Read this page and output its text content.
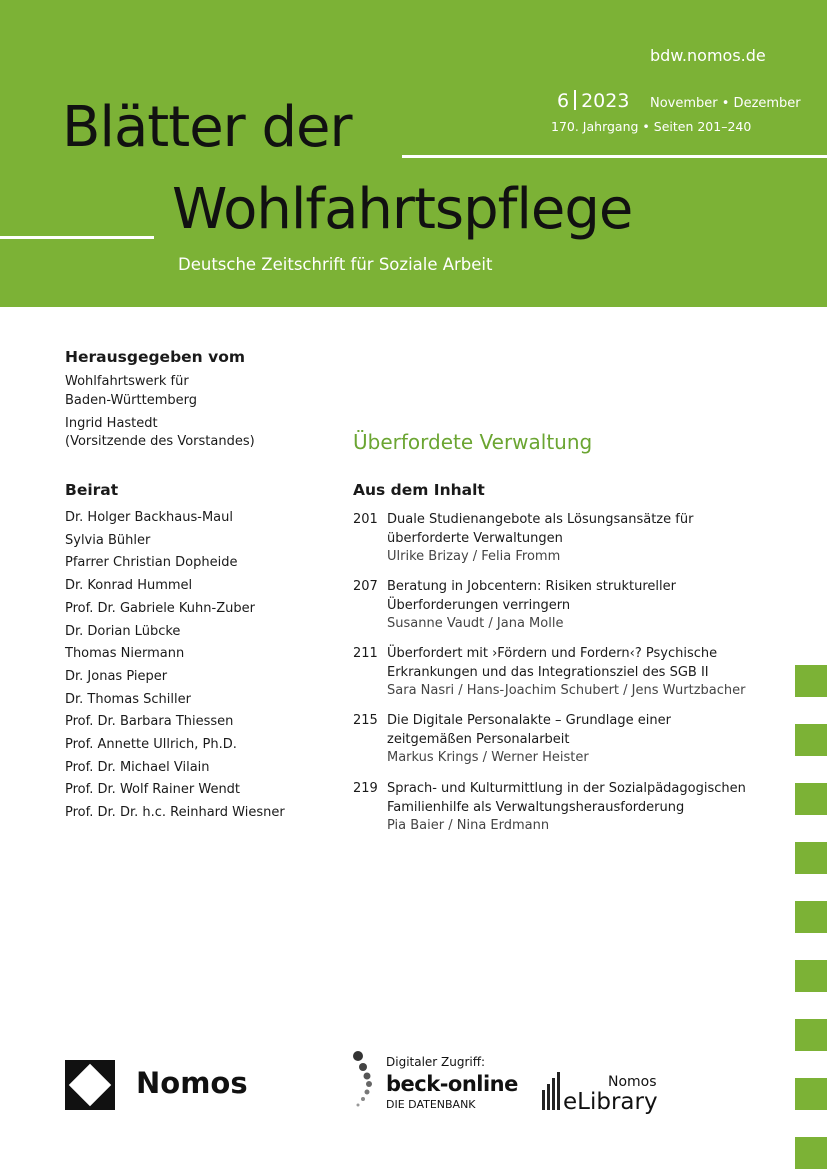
bdw.nomos.de
6 2023 November • Dezember
170. Jahrgang • Seiten 201–240
Blätter der
Wohlfahrtspflege
Deutsche Zeitschrift für Soziale Arbeit
Herausgegeben vom
Wohlfahrtswerk für
Baden-Württemberg
Ingrid Hastedt
(Vorsitzende des Vorstandes)
Beirat
Dr. Holger Backhaus-Maul
Sylvia Bühler
Pfarrer Christian Dopheide
Dr. Konrad Hummel
Prof. Dr. Gabriele Kuhn-Zuber
Dr. Dorian Lübcke
Thomas Niermann
Dr. Jonas Pieper
Dr. Thomas Schiller
Prof. Dr. Barbara Thiessen
Prof. Annette Ullrich, Ph.D.
Prof. Dr. Michael Vilain
Prof. Dr. Wolf Rainer Wendt
Prof. Dr. Dr. h.c. Reinhard Wiesner
Überfordete Verwaltung
Aus dem Inhalt
201 Duale Studienangebote als Lösungsansätze für
überforderte Verwaltungen
Ulrike Brizay / Felia Fromm
207 Beratung in Jobcentern: Risiken struktureller
Überforderungen verringern
Susanne Vaudt / Jana Molle
211 Überfordert mit ›Fördern und Fordern‹? Psychische
Erkrankungen und das Integrationsziel des SGB II
Sara Nasri / Hans-Joachim Schubert / Jens Wurtzbacher
215 Die Digitale Personalakte – Grundlage einer
zeitgemäßen Personalarbeit
Markus Krings / Werner Heister
219 Sprach- und Kulturmittlung in der Sozialpädagogischen
Familienhilfe als Verwaltungsherausforderung
Pia Baier / Nina Erdmann
Nomos
Digitaler Zugriff:
beck-online
DIE DATENBANK
Nomos
eLibrary
